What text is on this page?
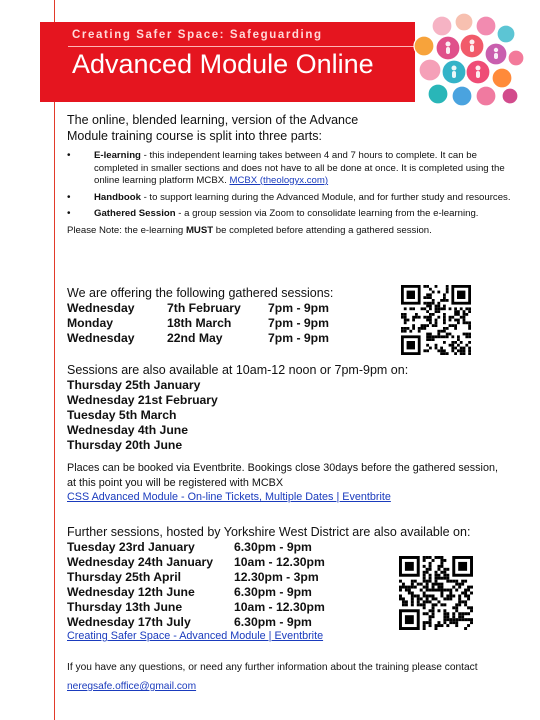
Creating Safer Space: Safeguarding
Advanced Module Online
The online, blended learning, version of the Advance Module training course is split into three parts:
• E-learning - this independent learning takes between 4 and 7 hours to complete. It can be completed in smaller sections and does not have to all be done at once. It is completed using the online learning platform MCBX. MCBX (theologyx.com)
• Handbook - to support learning during the Advanced Module, and for further study and resources.
• Gathered Session - a group session via Zoom to consolidate learning from the e-learning.
Please Note: the e-learning MUST be completed before attending a gathered session.
We are offering the following gathered sessions:
Wednesday	7th February 7pm - 9pm
Monday	18th March	7pm - 9pm
Wednesday	22nd May	7pm - 9pm
Sessions are also available at 10am-12 noon or 7pm-9pm on:
Thursday 25th January
Wednesday 21st February
Tuesday 5th March
Wednesday 4th June
Thursday 20th June
Places can be booked via Eventbrite. Bookings close 30days before the gathered session, at this point you will be registered with MCBX
CSS Advanced Module - On-line Tickets, Multiple Dates | Eventbrite
Further sessions, hosted by Yorkshire West District are also available on:
Tuesday 23rd January	6.30pm - 9pm
Wednesday 24th January 10am - 12.30pm
Thursday 25th April	12.30pm - 3pm
Wednesday 12th June	6.30pm - 9pm
Thursday 13th June	10am - 12.30pm
Wednesday 17th July	6.30pm - 9pm
Creating Safer Space - Advanced Module | Eventbrite
If you have any questions, or need any further information about the training please contact neregsafe.office@gmail.com
